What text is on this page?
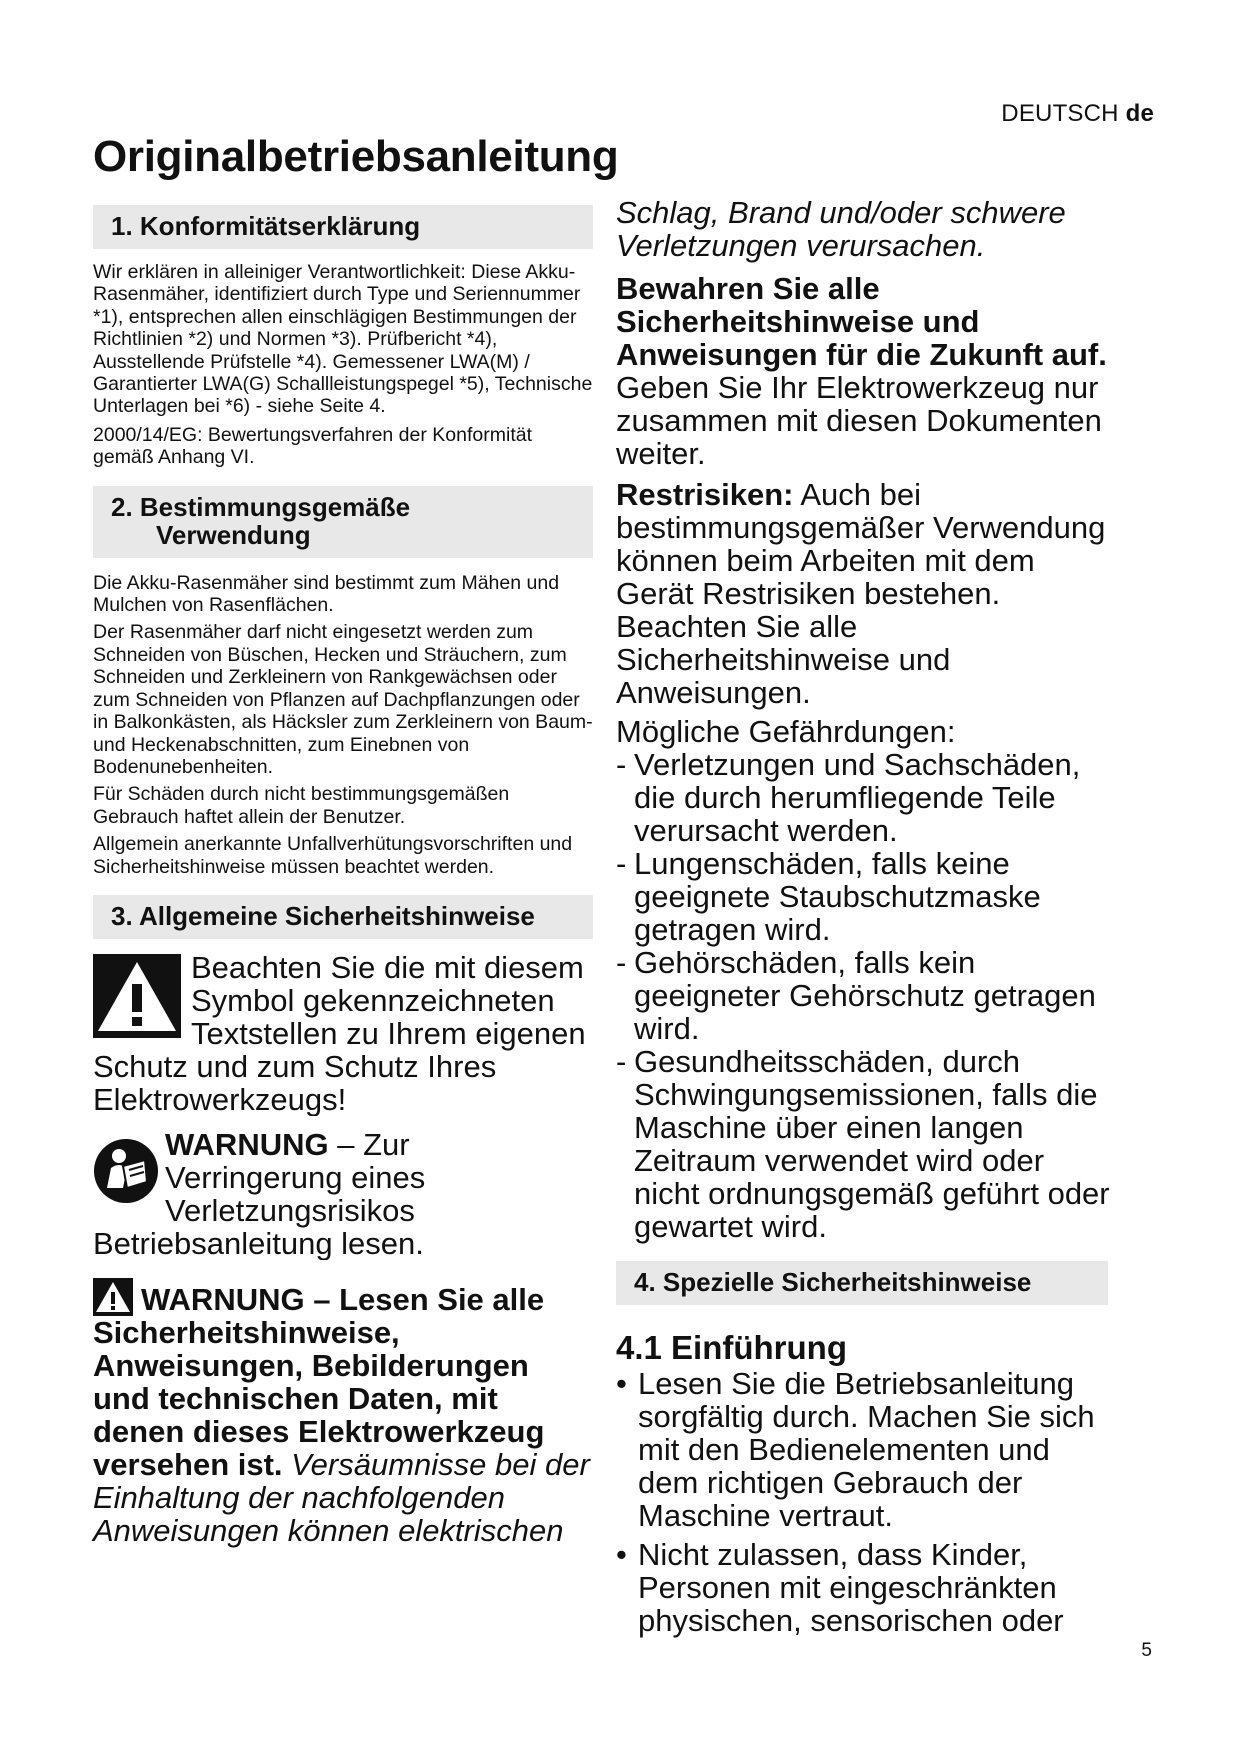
DEUTSCH de
Originalbetriebsanleitung
1. Konformitätserklärung

Wir erklären in alleiniger Verantwortlichkeit: Diese Akku-Rasenmäher, identifiziert durch Type und Seriennummer *1), entsprechen allen einschlägigen Bestimmungen der Richtlinien *2) und Normen *3). Prüfbericht *4), Ausstellende Prüfstelle *4). Gemessener LWA(M) / Garantierter LWA(G) Schallleistungspegel *5), Technische Unterlagen bei *6) - siehe Seite 4.

2000/14/EG: Bewertungsverfahren der Konformität gemäß Anhang VI.

2. Bestimmungsgemäße
Verwendung

Die Akku-Rasenmäher sind bestimmt zum Mähen und Mulchen von Rasenflächen.

Der Rasenmäher darf nicht eingesetzt werden zum Schneiden von Büschen, Hecken und Sträuchern, zum Schneiden und Zerkleinern von Rankgewächsen oder zum Schneiden von Pflanzen auf Dachpflanzungen oder in Balkonkästen, als Häcksler zum Zerkleinern von Baum- und Heckenabschnitten, zum Einebnen von Bodenunebenheiten.

Für Schäden durch nicht bestimmungsgemäßen Gebrauch haftet allein der Benutzer.

Allgemein anerkannte Unfallverhütungsvorschriften und Sicherheitshinweise müssen beachtet werden.

3. Allgemeine Sicherheitshinweise

Beachten Sie die mit diesem Symbol gekennzeichneten Textstellen zu Ihrem eigenen Schutz und zum Schutz Ihres Elektrowerkzeugs!

WARNUNG – Zur Verringerung eines Verletzungsrisikos Betriebsanleitung lesen.

WARNUNG – Lesen Sie alle Sicherheitshinweise, Anweisungen, Bebilderungen und technischen Daten, mit denen dieses Elektrowerkzeug versehen ist. Versäumnisse bei der Einhaltung der nachfolgenden Anweisungen können elektrischen

Schlag, Brand und/oder schwere Verletzungen verursachen.

Bewahren Sie alle Sicherheitshinweise und Anweisungen für die Zukunft auf. Geben Sie Ihr Elektrowerkzeug nur zusammen mit diesen Dokumenten weiter.

Restrisiken: Auch bei bestimmungsgemäßer Verwendung können beim Arbeiten mit dem Gerät Restrisiken bestehen. Beachten Sie alle Sicherheitshinweise und Anweisungen.

Mögliche Gefährdungen:

- Verletzungen und Sachschäden, die durch herumfliegende Teile verursacht werden.
- Lungenschäden, falls keine geeignete Staubschutzmaske getragen wird.
- Gehörschäden, falls kein geeigneter Gehörschutz getragen wird.
- Gesundheitsschäden, durch Schwingungsemissionen, falls die Maschine über einen langen Zeitraum verwendet wird oder nicht ordnungsgemäß geführt oder gewartet wird.
4. Spezielle Sicherheitshinweise
4.1 Einführung
• Lesen Sie die Betriebsanleitung sorgfältig durch. Machen Sie sich mit den Bedienelementen und dem richtigen Gebrauch der Maschine vertraut.
• Nicht zulassen, dass Kinder, Personen mit eingeschränkten physischen, sensorischen oder
5
